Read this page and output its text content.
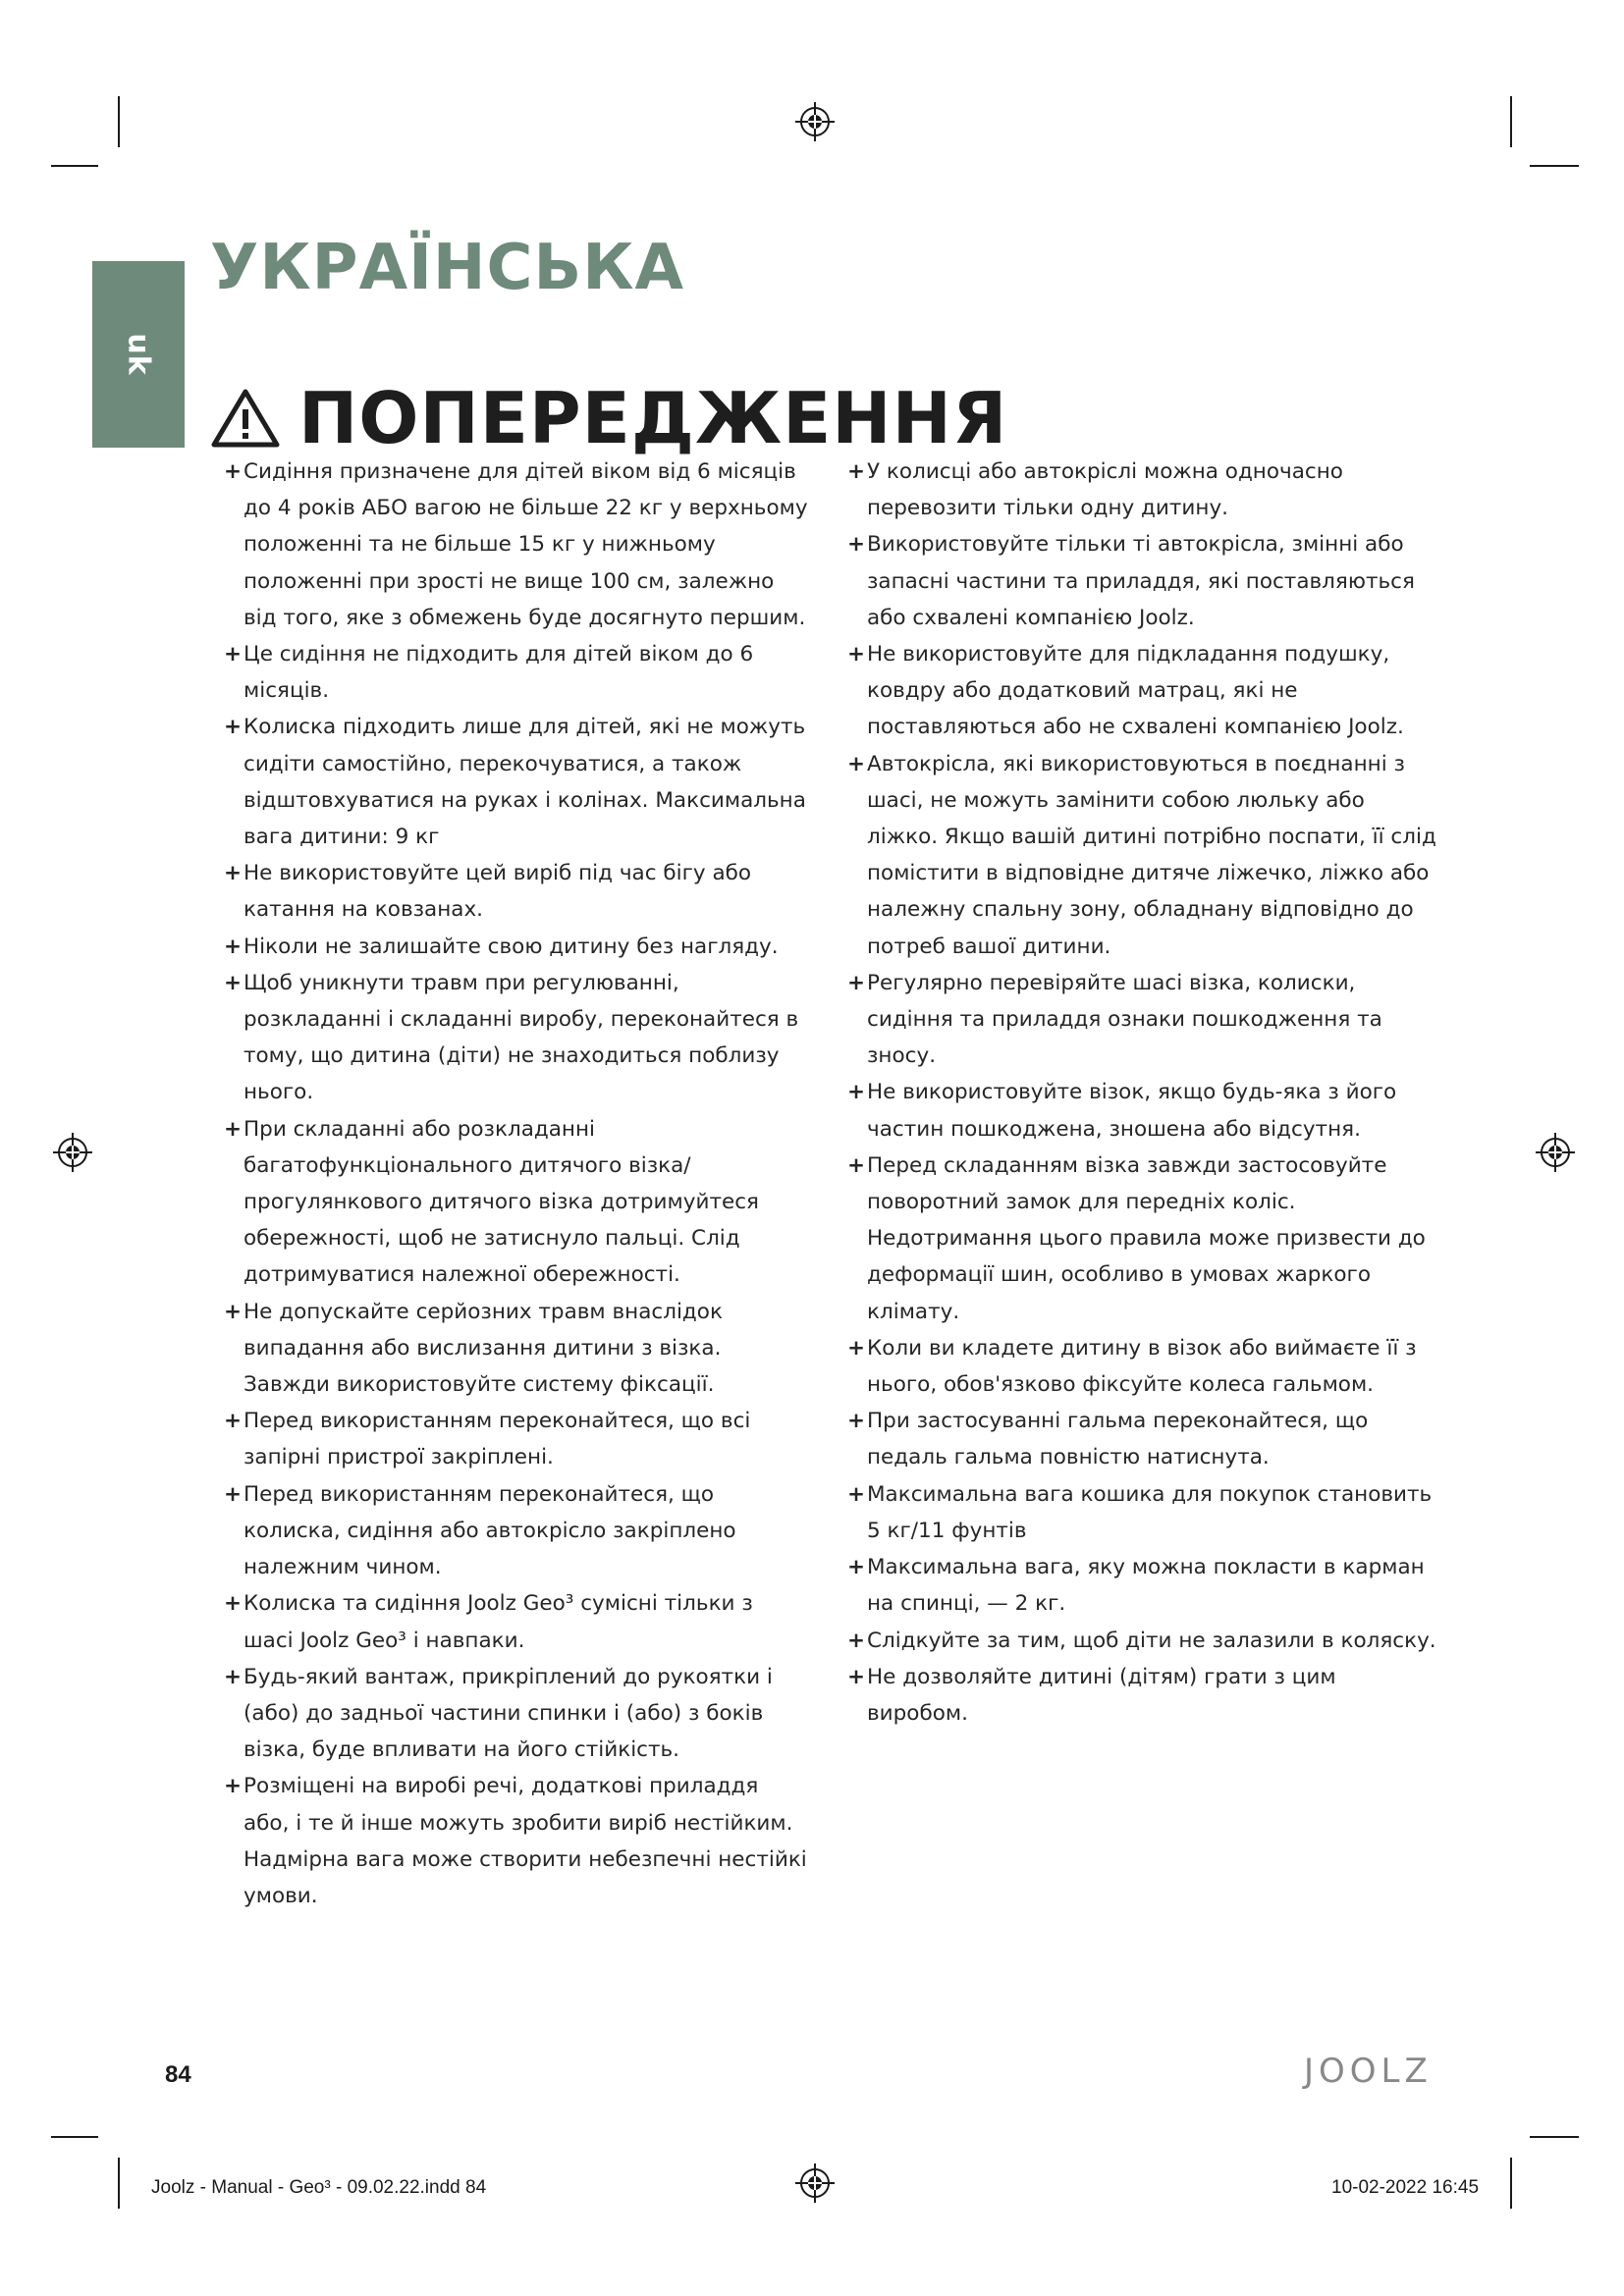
uk
УКРАЇНСЬКА
ПОПЕРЕДЖЕННЯ
+ Сидіння призначене для дітей віком від 6 місяців до 4 років АБО вагою не більше 22 кг у верхньому положенні та не більше 15 кг у нижньому положенні при зрості не вище 100 см, залежно від того, яке з обмежень буде досягнуто першим.
+ Це сидіння не підходить для дітей віком до 6 місяців.
+ Колиска підходить лише для дітей, які не можуть сидіти самостійно, перекочуватися, а також відштовхуватися на руках і колінах. Максимальна вага дитини: 9 кг
+ Не використовуйте цей виріб під час бігу або катання на ковзанах.
+ Ніколи не залишайте свою дитину без нагляду.
+ Щоб уникнути травм при регулюванні, розкладанні і складанні виробу, переконайтеся в тому, що дитина (діти) не знаходиться поблизу нього.
+ При складанні або розкладанні багатофункціонального дитячого візка/прогулянкового дитячого візка дотримуйтеся обережності, щоб не затиснуло пальці. Слід дотримуватися належної обережності.
+ Не допускайте серйозних травм внаслідок випадання або вислизання дитини з візка. Завжди використовуйте систему фіксації.
+ Перед використанням переконайтеся, що всі запірні пристрої закріплені.
+ Перед використанням переконайтеся, що колиска, сидіння або автокрісло закріплено належним чином.
+ Колиска та сидіння Joolz Geo³ сумісні тільки з шасі Joolz Geo³ і навпаки.
+ Будь-який вантаж, прикріплений до рукоятки і (або) до задньої частини спинки і (або) з боків візка, буде впливати на його стійкість.
+ Розміщені на виробі речі, додаткові приладдя або, і те й інше можуть зробити виріб нестійким. Надмірна вага може створити небезпечні нестійкі умови.
+ У колисці або автокріслі можна одночасно перевозити тільки одну дитину.
+ Використовуйте тільки ті автокрісла, змінні або запасні частини та приладдя, які поставляються або схвалені компанією Joolz.
+ Не використовуйте для підкладання подушку, ковдру або додатковий матрац, які не поставляються або не схвалені компанією Joolz.
+ Автокрісла, які використовуються в поєднанні з шасі, не можуть замінити собою люльку або ліжко. Якщо вашій дитині потрібно поспати, її слід помістити в відповідне дитяче ліжечко, ліжко або належну спальну зону, обладнану відповідно до потреб вашої дитини.
+ Регулярно перевіряйте шасі візка, колиски, сидіння та приладдя ознаки пошкодження та зносу.
+ Не використовуйте візок, якщо будь-яка з його частин пошкоджена, зношена або відсутня.
+ Перед складанням візка завжди застосовуйте поворотний замок для передніх коліс. Недотримання цього правила може призвести до деформації шин, особливо в умовах жаркого клімату.
+ Коли ви кладете дитину в візок або виймаєте її з нього, обов'язково фіксуйте колеса гальмом.
+ При застосуванні гальма переконайтеся, що педаль гальма повністю натиснута.
+ Максимальна вага кошика для покупок становить 5 кг/11 фунтів
+ Максимальна вага, яку можна покласти в карман на спинці, — 2 кг.
+ Слідкуйте за тим, щоб діти не залазили в коляску.
+ Не дозволяйте дитині (дітям) грати з цим виробом.
84	JOOLZ
Joolz - Manual - Geo³ - 09.02.22.indd 84	10-02-2022 16:45
